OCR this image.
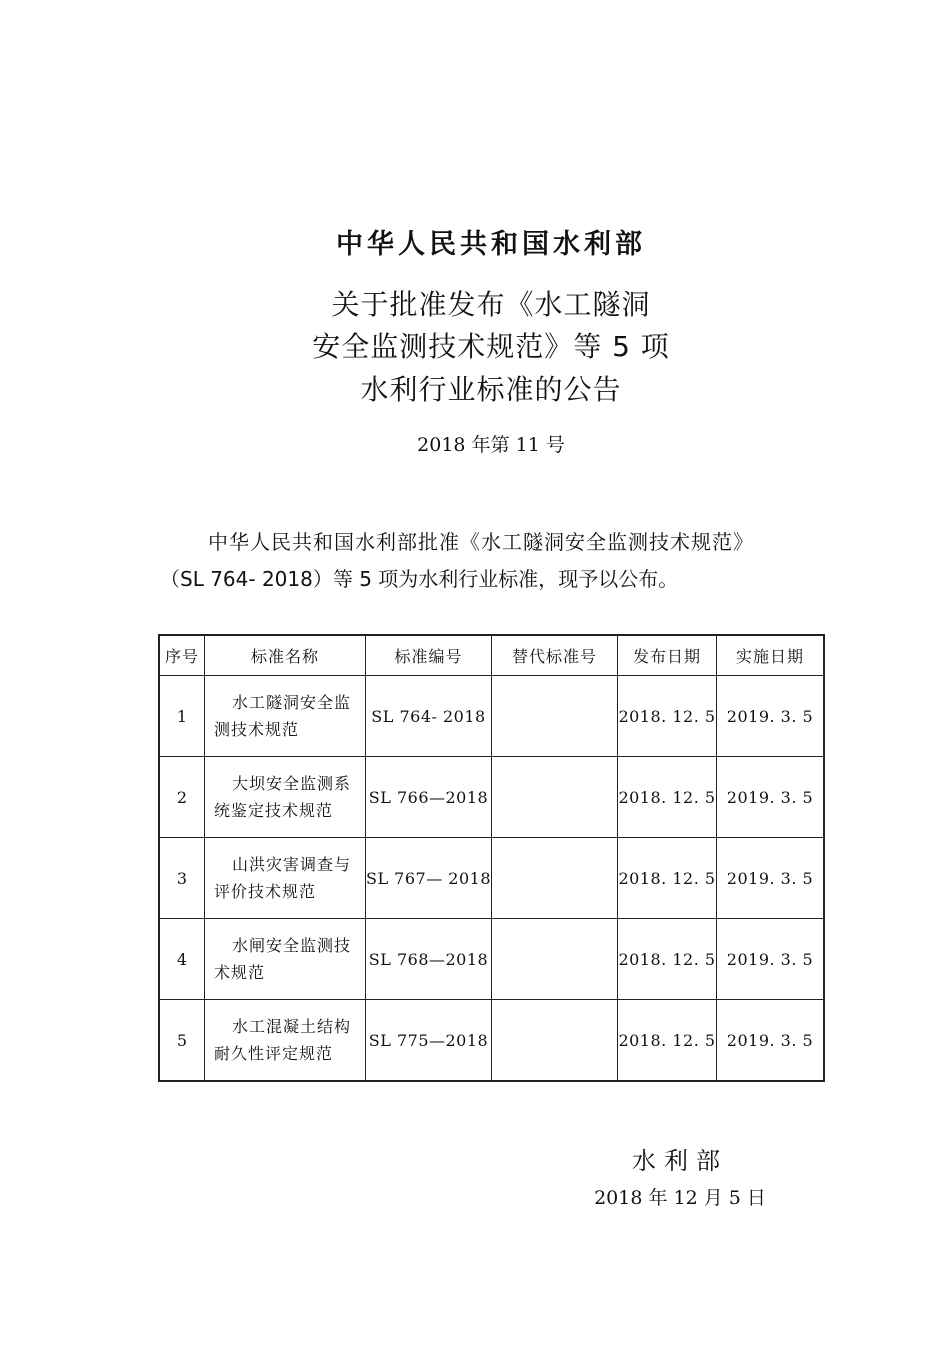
中华人民共和国水利部
关于批准发布《水工隧洞
安全监测技术规范》等 5 项
水利行业标准的公告
2018 年第 11 号
中华人民共和国水利部批准《水工隧洞安全监测技术规范》
（SL 764- 2018）等 5 项为水利行业标准，现予以公布。
序号	标准名称	标准编号	替代标准号	发布日期	实施日期
1	水工隧洞安全监测技术规范	SL 764- 2018		2018. 12. 5	2019. 3. 5
2	大坝安全监测系统鉴定技术规范	SL 766—2018		2018. 12. 5	2019. 3. 5
3	山洪灾害调查与评价技术规范	SL 767— 2018		2018. 12. 5	2019. 3. 5
4	水闸安全监测技术规范	SL 768—2018		2018. 12. 5	2019. 3. 5
5	水工混凝土结构耐久性评定规范	SL 775—2018		2018. 12. 5	2019. 3. 5
水利部
2018 年 12 月 5 日
